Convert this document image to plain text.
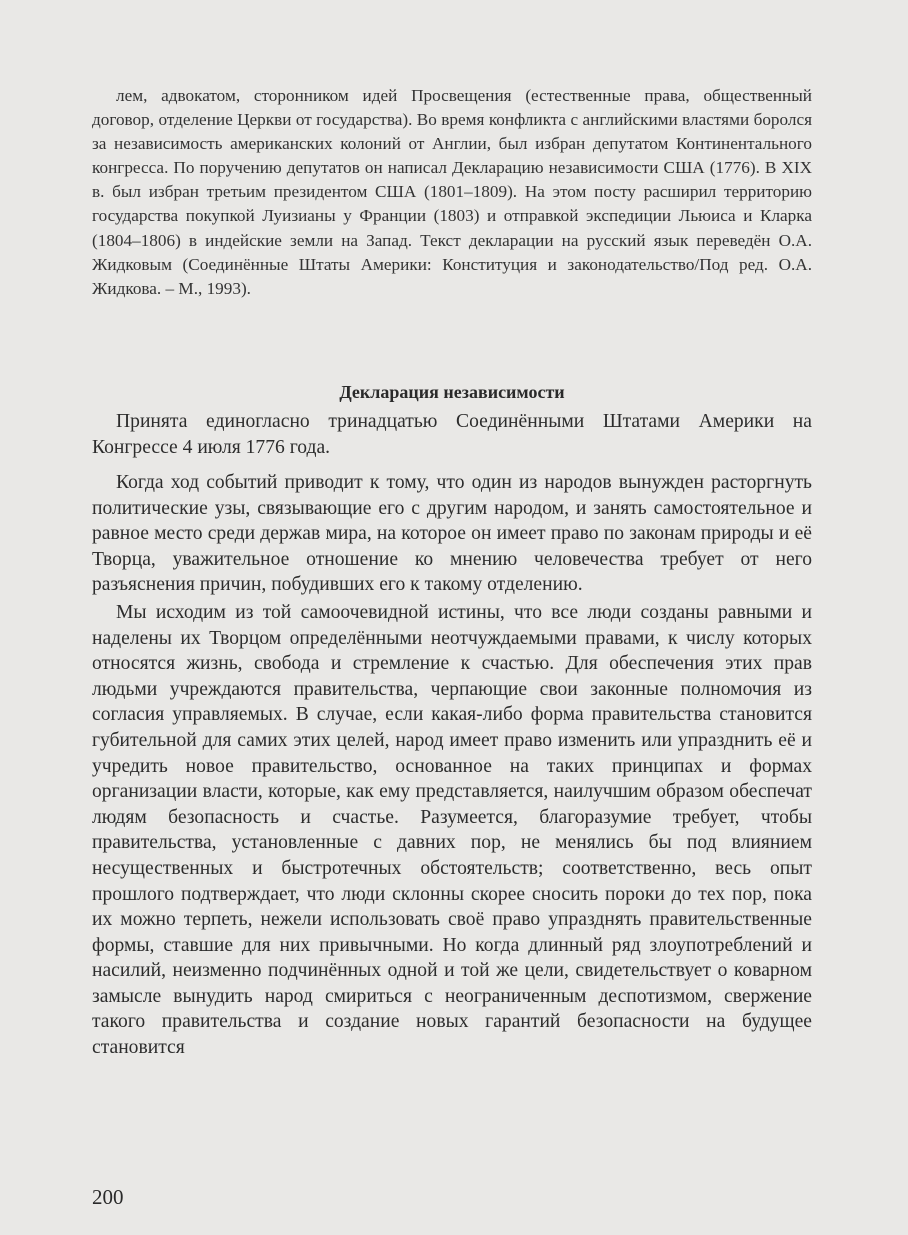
лем, адвокатом, сторонником идей Просвещения (естественные права, общественный договор, отделение Церкви от государства). Во время конфликта с английскими властями боролся за независимость американских колоний от Англии, был избран депутатом Континентального конгресса. По поручению депутатов он написал Декларацию независимости США (1776). В XIX в. был избран третьим президентом США (1801–1809). На этом посту расширил территорию государства покупкой Луизианы у Франции (1803) и отправкой экспедиции Льюиса и Кларка (1804–1806) в индейские земли на Запад. Текст декларации на русский язык переведён О.А. Жидковым (Соединённые Штаты Америки: Конституция и законодательство/Под ред. О.А. Жидкова. – М., 1993).

Декларация независимости

Принята единогласно тринадцатью Соединёнными Штатами Америки на Конгрессе 4 июля 1776 года.

Когда ход событий приводит к тому, что один из народов вынужден расторгнуть политические узы, связывающие его с другим народом, и занять самостоятельное и равное место среди держав мира, на которое он имеет право по законам природы и её Творца, уважительное отношение ко мнению человечества требует от него разъяснения причин, побудивших его к такому отделению.

Мы исходим из той самоочевидной истины, что все люди созданы равными и наделены их Творцом определёнными неотчуждаемыми правами, к числу которых относятся жизнь, свобода и стремление к счастью. Для обеспечения этих прав людьми учреждаются правительства, черпающие свои законные полномочия из согласия управляемых. В случае, если какая-либо форма правительства становится губительной для самих этих целей, народ имеет право изменить или упразднить её и учредить новое правительство, основанное на таких принципах и формах организации власти, которые, как ему представляется, наилучшим образом обеспечат людям безопасность и счастье. Разумеется, благоразумие требует, чтобы правительства, установленные с давних пор, не менялись бы под влиянием несущественных и быстротечных обстоятельств; соответственно, весь опыт прошлого подтверждает, что люди склонны скорее сносить пороки до тех пор, пока их можно терпеть, нежели использовать своё право упразднять правительственные формы, ставшие для них привычными. Но когда длинный ряд злоупотреблений и насилий, неизменно подчинённых одной и той же цели, свидетельствует о коварном замысле вынудить народ смириться с неограниченным деспотизмом, свержение такого правительства и создание новых гарантий безопасности на будущее становится

200
